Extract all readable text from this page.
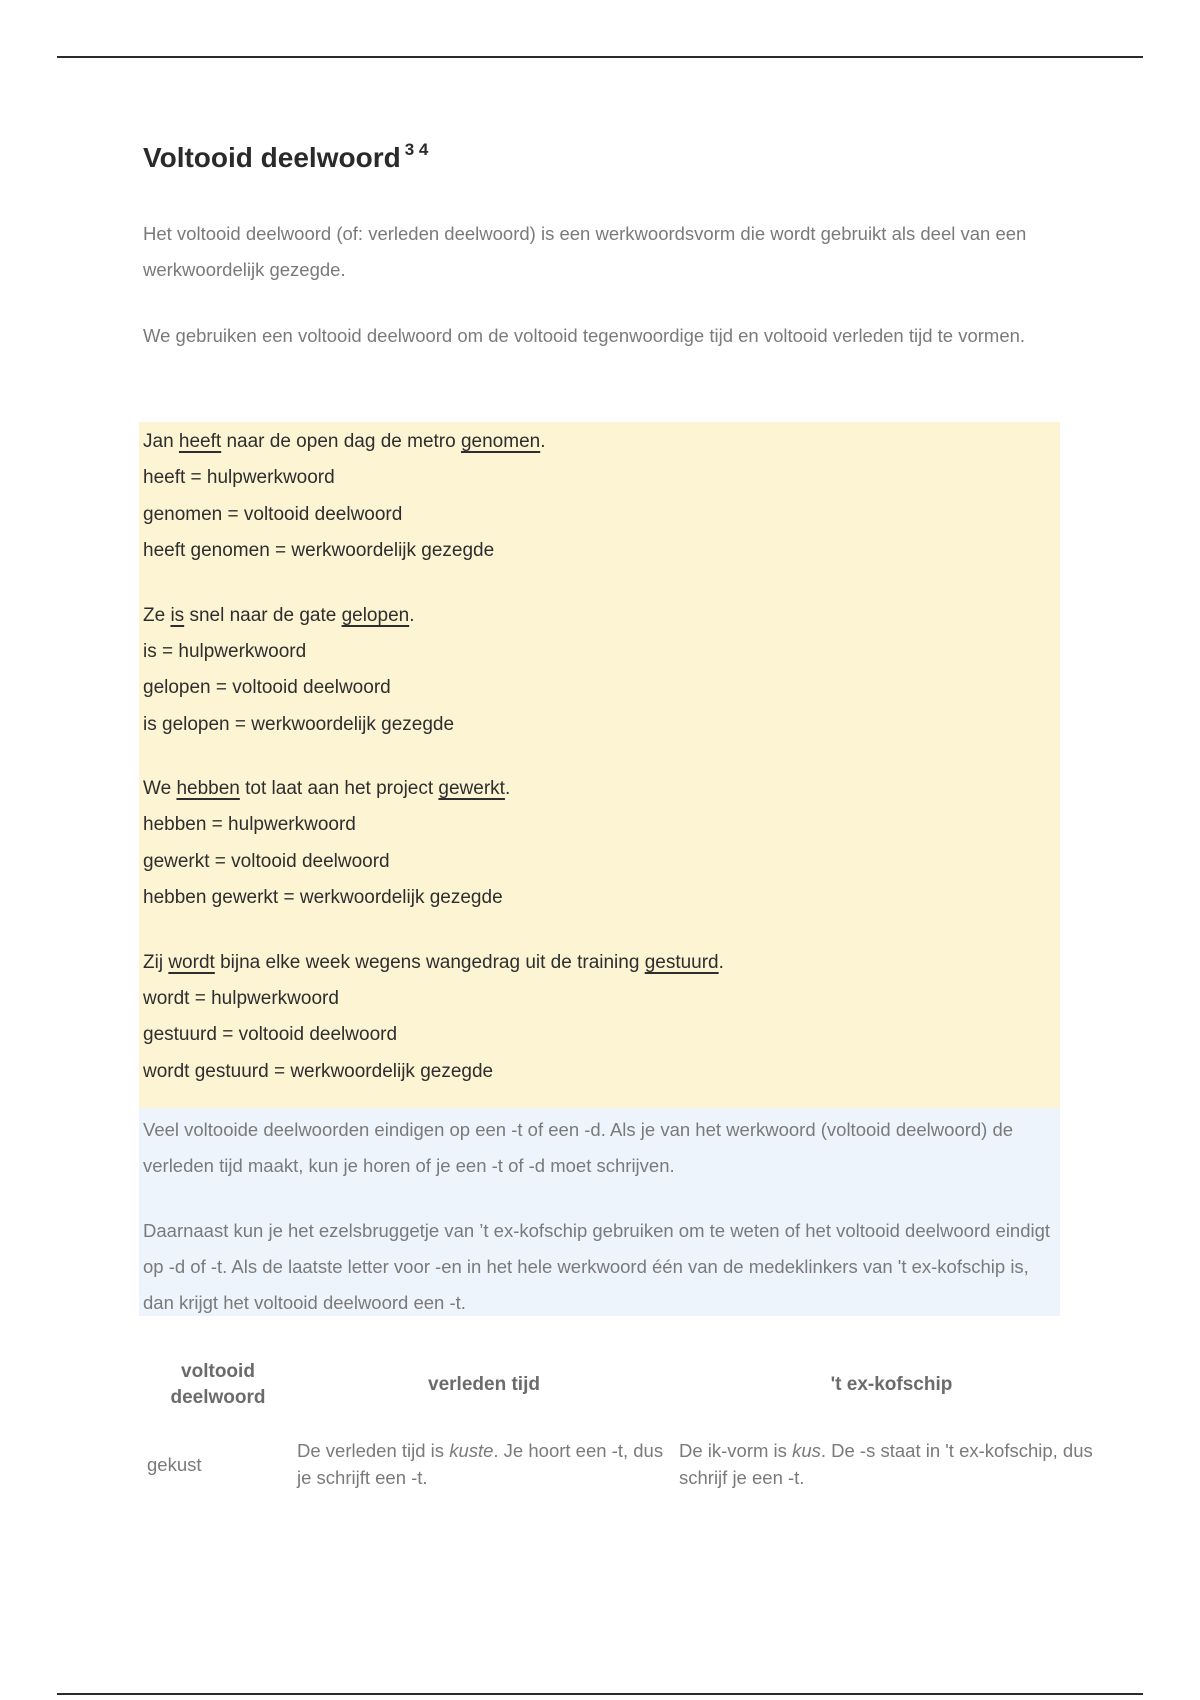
Voltooid deelwoord $^{3 4}$
Het voltooid deelwoord (of: verleden deelwoord) is een werkwoordsvorm die wordt gebruikt als deel van een werkwoordelijk gezegde.
We gebruiken een voltooid deelwoord om de voltooid tegenwoordige tijd en voltooid verleden tijd te vormen.
Jan heeft naar de open dag de metro genomen.
heeft = hulpwerkwoord
genomen = voltooid deelwoord
heeft genomen = werkwoordelijk gezegde
Ze is snel naar de gate gelopen.
is = hulpwerkwoord
gelopen = voltooid deelwoord
is gelopen = werkwoordelijk gezegde
We hebben tot laat aan het project gewerkt.
hebben = hulpwerkwoord
gewerkt = voltooid deelwoord
hebben gewerkt = werkwoordelijk gezegde
Zij wordt bijna elke week wegens wangedrag uit de training gestuurd.
wordt = hulpwerkwoord
gestuurd = voltooid deelwoord
wordt gestuurd = werkwoordelijk gezegde
Veel voltooide deelwoorden eindigen op een -t of een -d. Als je van het werkwoord (voltooid deelwoord) de verleden tijd maakt, kun je horen of je een -t of -d moet schrijven.
Daarnaast kun je het ezelsbruggetje van ’t ex-kofschip gebruiken om te weten of het voltooid deelwoord eindigt op -d of -t. Als de laatste letter voor -en in het hele werkwoord één van de medeklinkers van 't ex-kofschip is, dan krijgt het voltooid deelwoord een -t.
voltooid deelwoord	verleden tijd	't ex-kofschip
gekust	De verleden tijd is kuste. Je hoort een -t, dus je schrijft een -t.	De ik-vorm is kus. De -s staat in 't ex-kofschip, dus schrijf je een -t.
